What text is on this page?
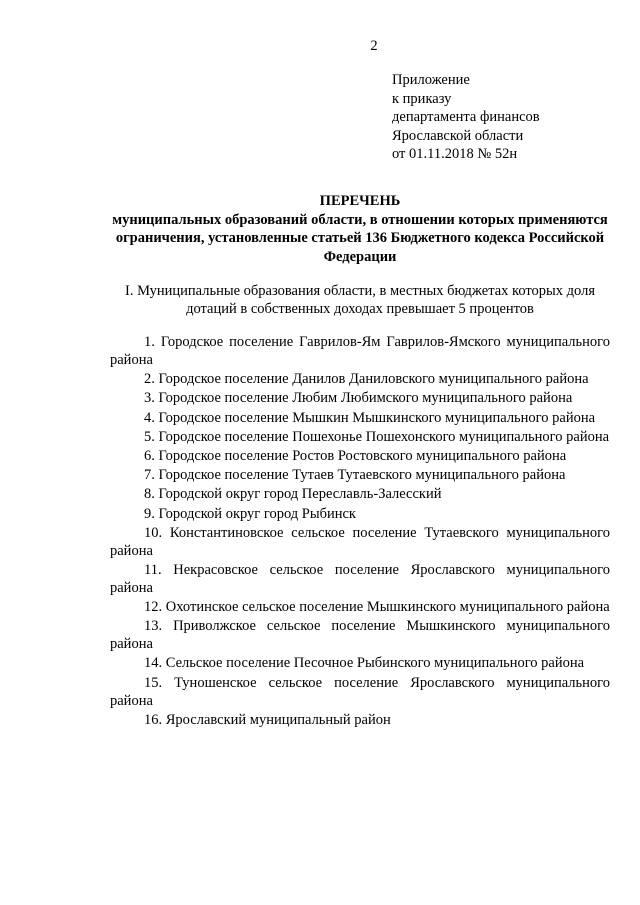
2
Приложение
к приказу
департамента финансов
Ярославской области
от 01.11.2018 № 52н
ПЕРЕЧЕНЬ
муниципальных образований области, в отношении которых применяются ограничения, установленные статьей 136 Бюджетного кодекса Российской Федерации
I. Муниципальные образования области, в местных бюджетах которых доля дотаций в собственных доходах превышает 5 процентов
1. Городское поселение Гаврилов-Ям Гаврилов-Ямского муниципального района
2. Городское поселение Данилов Даниловского муниципального района
3. Городское поселение Любим Любимского муниципального района
4. Городское поселение Мышкин Мышкинского муниципального района
5. Городское поселение Пошехонье Пошехонского муниципального района
6. Городское поселение Ростов Ростовского муниципального района
7. Городское поселение Тутаев Тутаевского муниципального района
8. Городской округ город Переславль-Залесский
9. Городской округ город Рыбинск
10. Константиновское сельское поселение Тутаевского муниципального района
11. Некрасовское сельское поселение Ярославского муниципального района
12. Охотинское сельское поселение Мышкинского муниципального района
13. Приволжское сельское поселение Мышкинского муниципального района
14. Сельское поселение Песочное Рыбинского муниципального района
15. Туношенское сельское поселение Ярославского муниципального района
16. Ярославский муниципальный район
